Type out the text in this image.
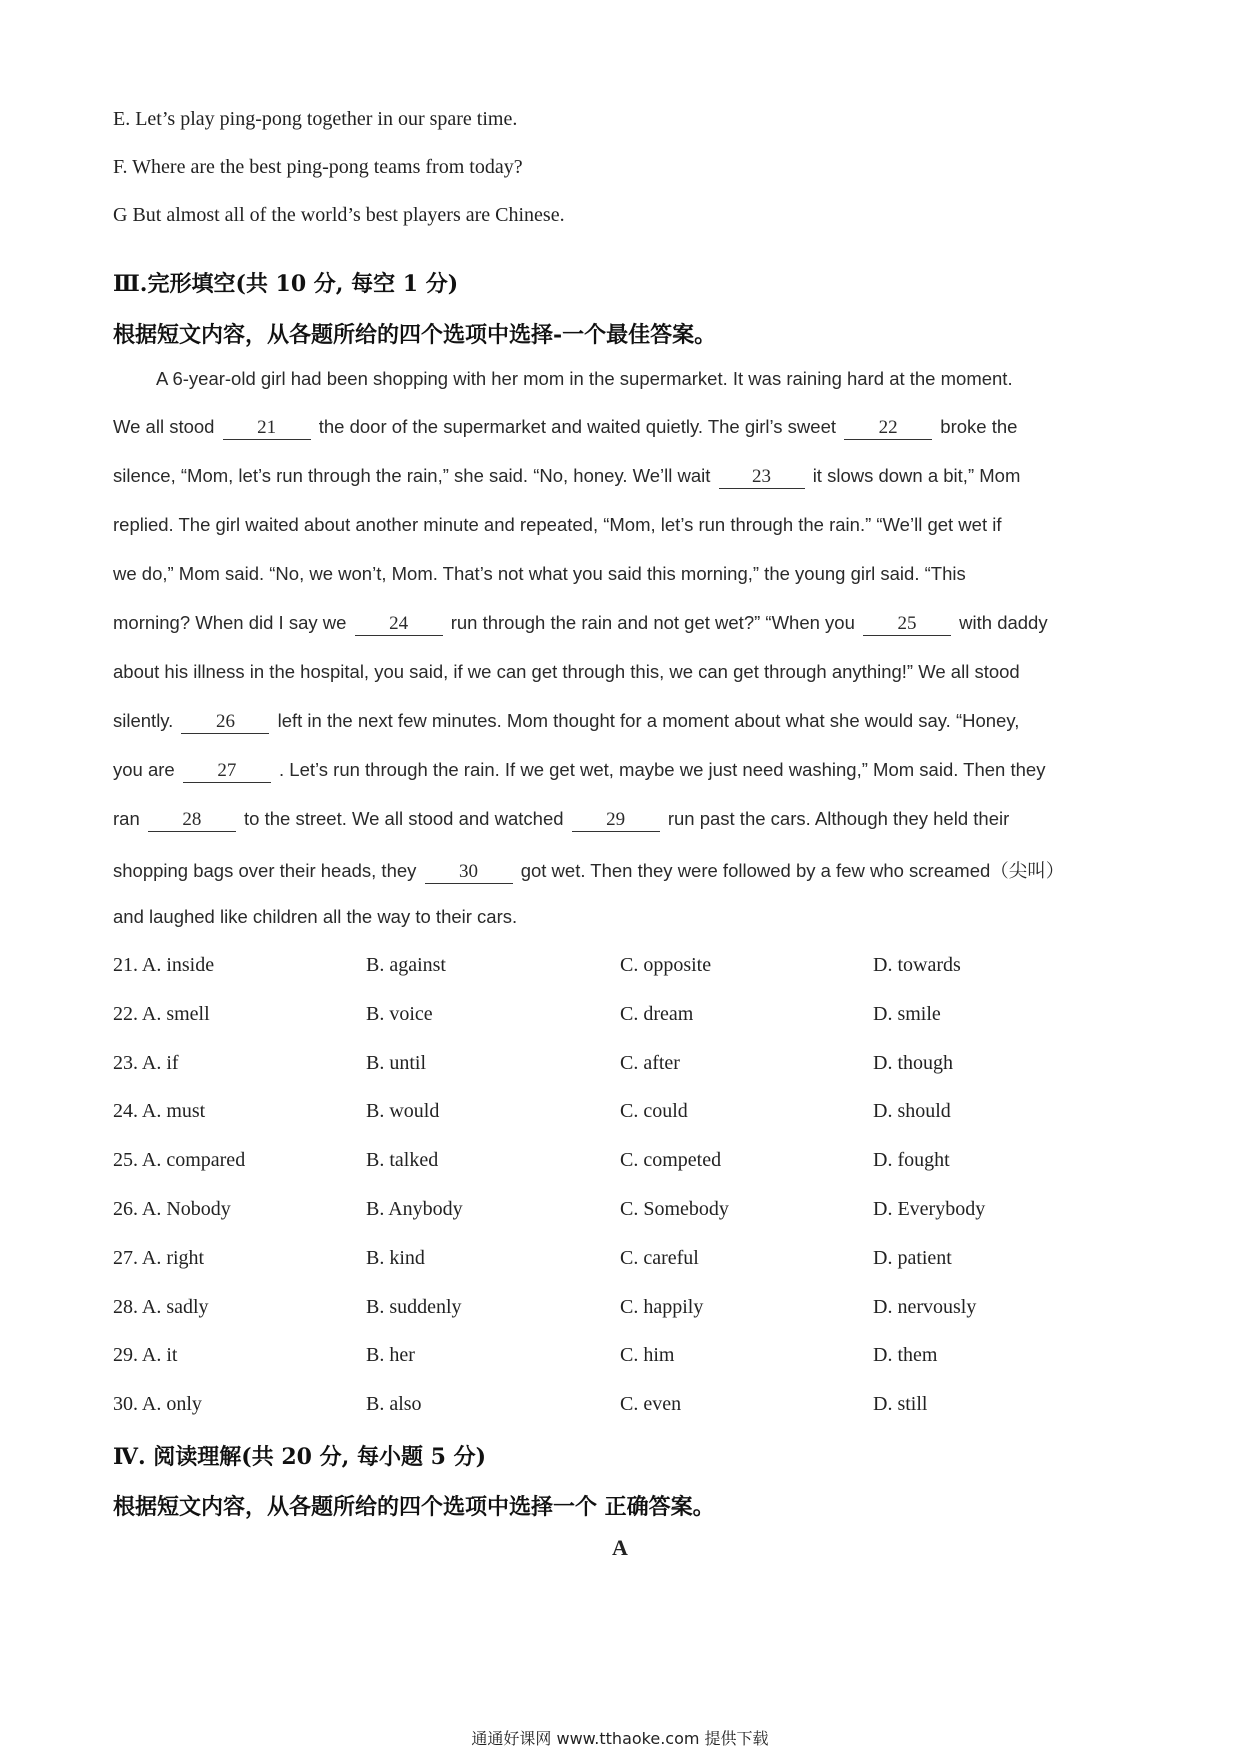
E. Let’s play ping-pong together in our spare time.
F. Where are the best ping-pong teams from today?
G But almost all of the world’s best players are Chinese.
Ⅲ.完形填空(共 10 分, 每空 1 分)
根据短文内容，从各题所给的四个选项中选择-一个最佳答案。
A 6-year-old girl had been shopping with her mom in the supermarket. It was raining hard at the moment.
We all stood 21 the door of the supermarket and waited quietly. The girl’s sweet 22 broke the
silence, “Mom, let’s run through the rain,” she said. “No, honey. We’ll wait 23 it slows down a bit,” Mom
replied. The girl waited about another minute and repeated, “Mom, let’s run through the rain.” “We’ll get wet if
we do,” Mom said. “No, we won’t, Mom. That’s not what you said this morning,” the young girl said. “This
morning? When did I say we 24 run through the rain and not get wet?” “When you 25 with daddy
about his illness in the hospital, you said, if we can get through this, we can get through anything!” We all stood
silently. 26 left in the next few minutes. Mom thought for a moment about what she would say. “Honey,
you are 27 . Let’s run through the rain. If we get wet, maybe we just need washing,” Mom said. Then they
ran 28 to the street. We all stood and watched 29 run past the cars. Although they held their
shopping bags over their heads, they 30 got wet. Then they were followed by a few who screamed（尖叫）
and laughed like children all the way to their cars.
21. A. inside	B. against	C. opposite	D. towards
22. A. smell	B. voice	C. dream	D. smile
23. A. if	B. until	C. after	D. though
24. A. must	B. would	C. could	D. should
25. A. compared	B. talked	C. competed	D. fought
26. A. Nobody	B. Anybody	C. Somebody	D. Everybody
27. A. right	B. kind	C. careful	D. patient
28. A. sadly	B. suddenly	C. happily	D. nervously
29. A. it	B. her	C. him	D. them
30. A. only	B. also	C. even	D. still
Ⅳ. 阅读理解(共 20 分, 每小题 5 分)
根据短文内容，从各题所给的四个选项中选择一个 正确答案。
A
通通好课网 www.tthaoke.com 提供下载
